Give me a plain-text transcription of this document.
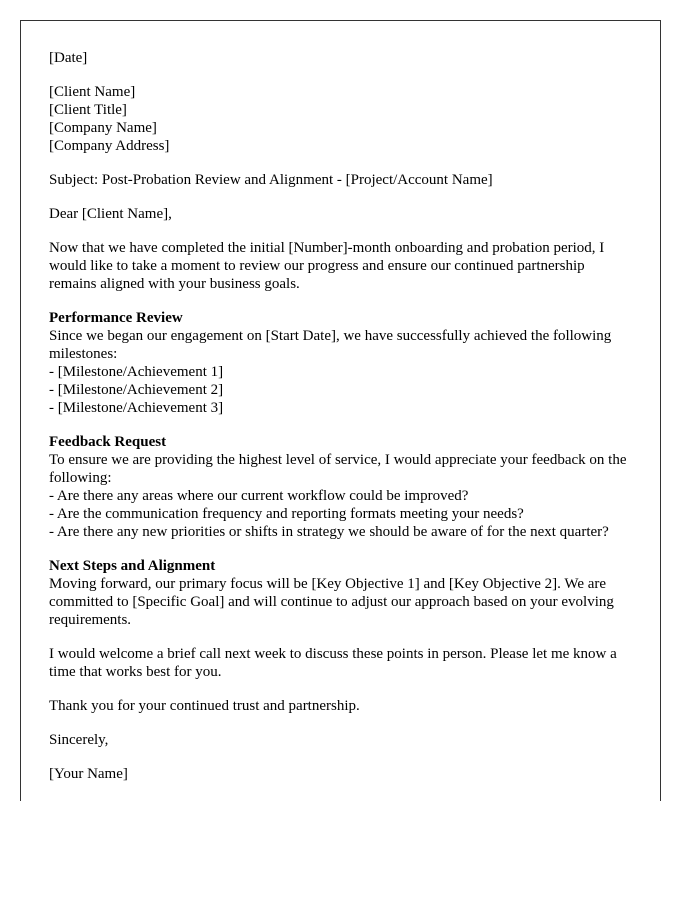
[Date]

[Client Name]
[Client Title]
[Company Name]
[Company Address]

Subject: Post-Probation Review and Alignment - [Project/Account Name]

Dear [Client Name],

Now that we have completed the initial [Number]-month onboarding and probation period, I would like to take a moment to review our progress and ensure our continued partnership remains aligned with your business goals.

Performance Review
Since we began our engagement on [Start Date], we have successfully achieved the following milestones:
- [Milestone/Achievement 1]
- [Milestone/Achievement 2]
- [Milestone/Achievement 3]

Feedback Request
To ensure we are providing the highest level of service, I would appreciate your feedback on the following:
- Are there any areas where our current workflow could be improved?
- Are the communication frequency and reporting formats meeting your needs?
- Are there any new priorities or shifts in strategy we should be aware of for the next quarter?

Next Steps and Alignment
Moving forward, our primary focus will be [Key Objective 1] and [Key Objective 2]. We are committed to [Specific Goal] and will continue to adjust our approach based on your evolving requirements.

I would welcome a brief call next week to discuss these points in person. Please let me know a time that works best for you.

Thank you for your continued trust and partnership.

Sincerely,

[Your Name]
